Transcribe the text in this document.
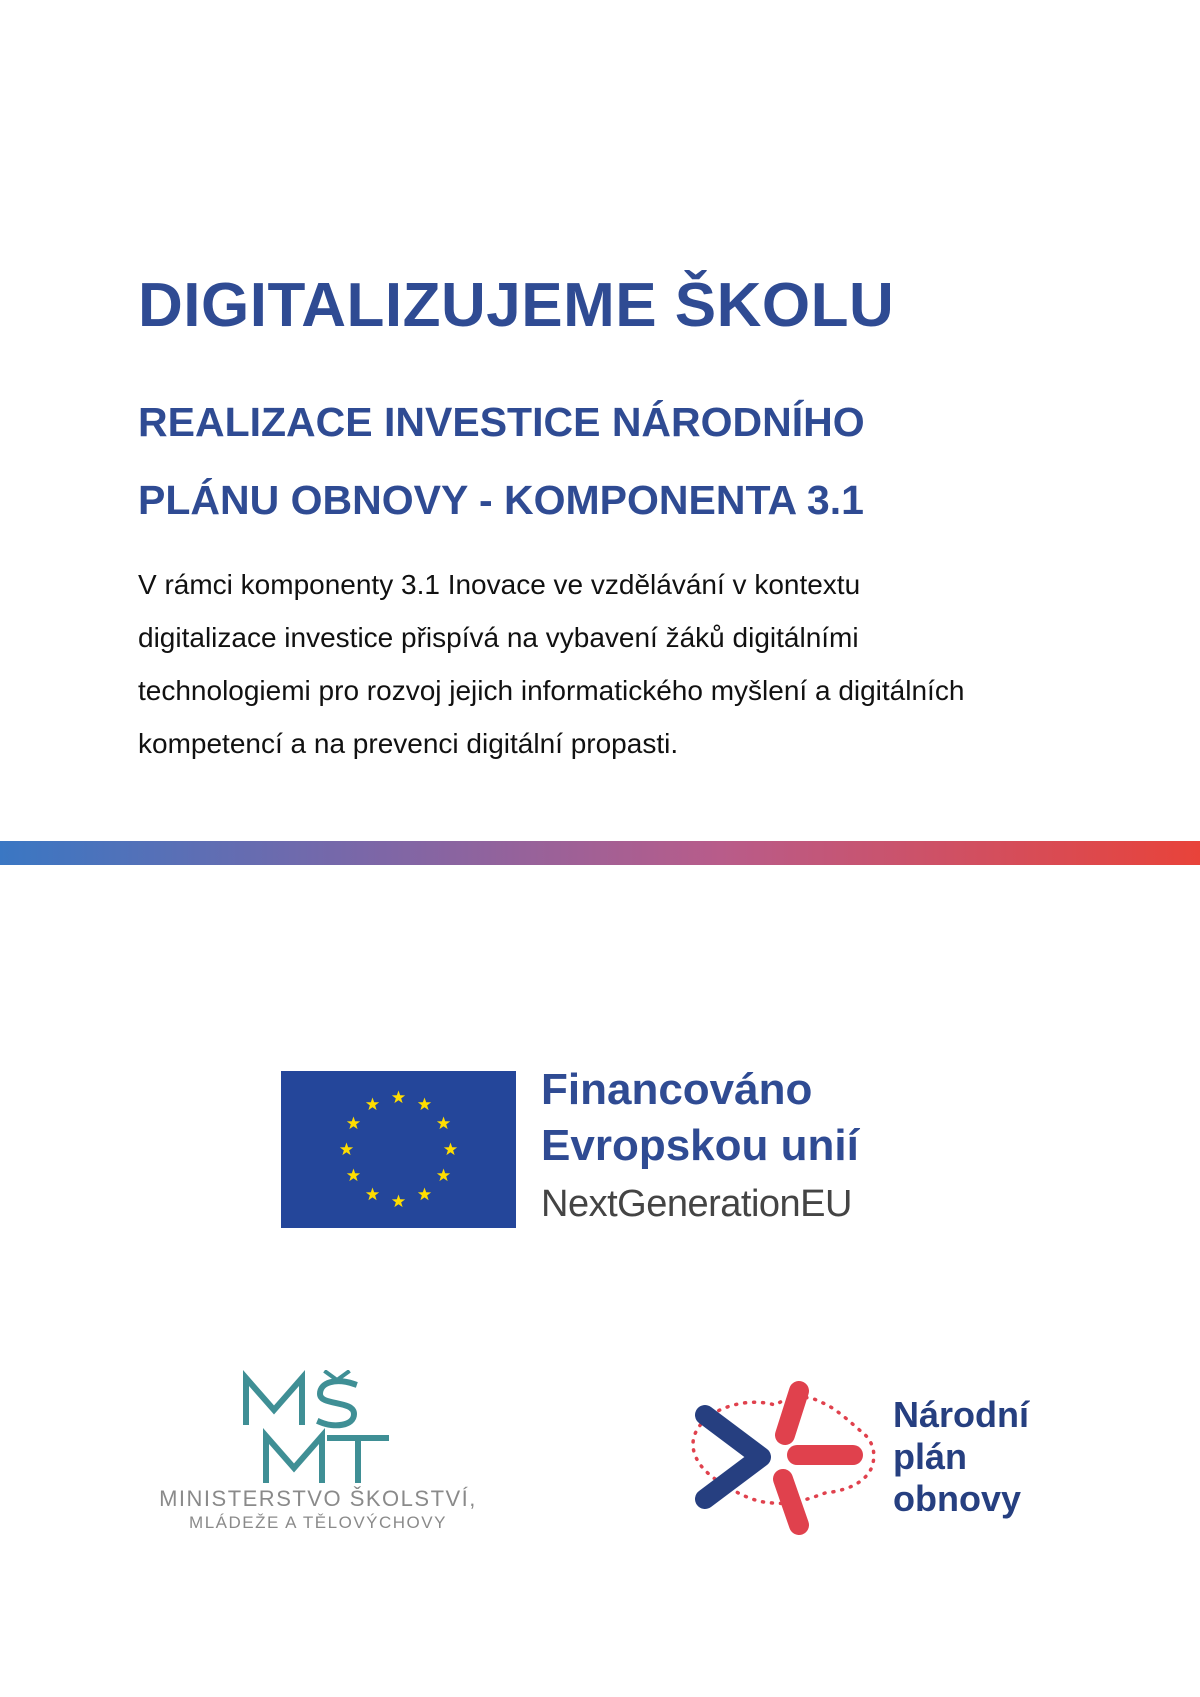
DIGITALIZUJEME ŠKOLU
REALIZACE INVESTICE NÁRODNÍHO
PLÁNU OBNOVY - KOMPONENTA 3.1
V rámci komponenty 3.1 Inovace ve vzdělávání v kontextu
digitalizace investice přispívá na vybavení žáků digitálními
technologiemi pro rozvoj jejich informatického myšlení a digitálních
kompetencí a na prevenci digitální propasti.
Financováno
Evropskou unií
NextGenerationEU
MINISTERSTVO ŠKOLSTVÍ,
MLÁDEŽE A TĚLOVÝCHOVY
Národní
plán
obnovy
